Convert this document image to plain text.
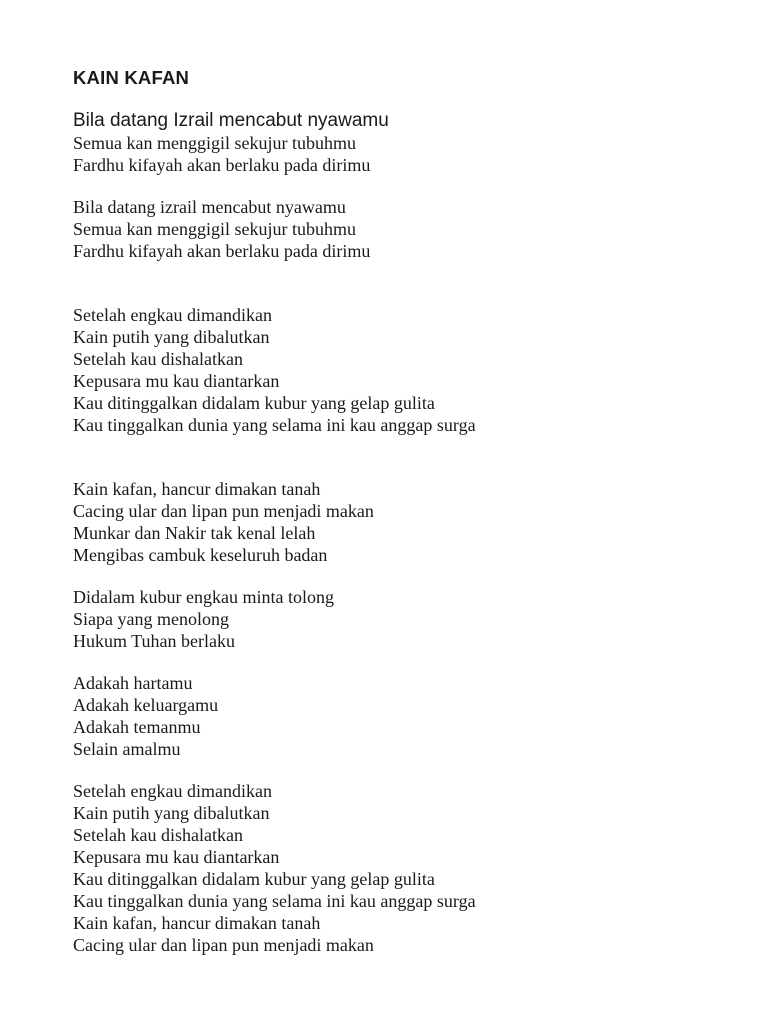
KAIN KAFAN
Bila datang Izrail mencabut nyawamu
Semua kan menggigil sekujur tubuhmu
Fardhu kifayah akan berlaku pada dirimu
Bila datang izrail mencabut nyawamu
Semua kan menggigil sekujur tubuhmu
Fardhu kifayah akan berlaku pada dirimu
Setelah engkau dimandikan
Kain putih yang dibalutkan
Setelah kau dishalatkan
Kepusara mu kau diantarkan
Kau ditinggalkan didalam kubur yang gelap gulita
Kau tinggalkan dunia yang selama ini kau anggap surga
Kain kafan, hancur dimakan tanah
Cacing ular dan lipan pun menjadi makan
Munkar dan Nakir tak kenal lelah
Mengibas cambuk keseluruh badan
Didalam kubur engkau minta tolong
Siapa yang menolong
Hukum Tuhan berlaku
Adakah hartamu
Adakah keluargamu
Adakah temanmu
Selain amalmu
Setelah engkau dimandikan
Kain putih yang dibalutkan
Setelah kau dishalatkan
Kepusara mu kau diantarkan
Kau ditinggalkan didalam kubur yang gelap gulita
Kau tinggalkan dunia yang selama ini kau anggap surga
Kain kafan, hancur dimakan tanah
Cacing ular dan lipan pun menjadi makan
